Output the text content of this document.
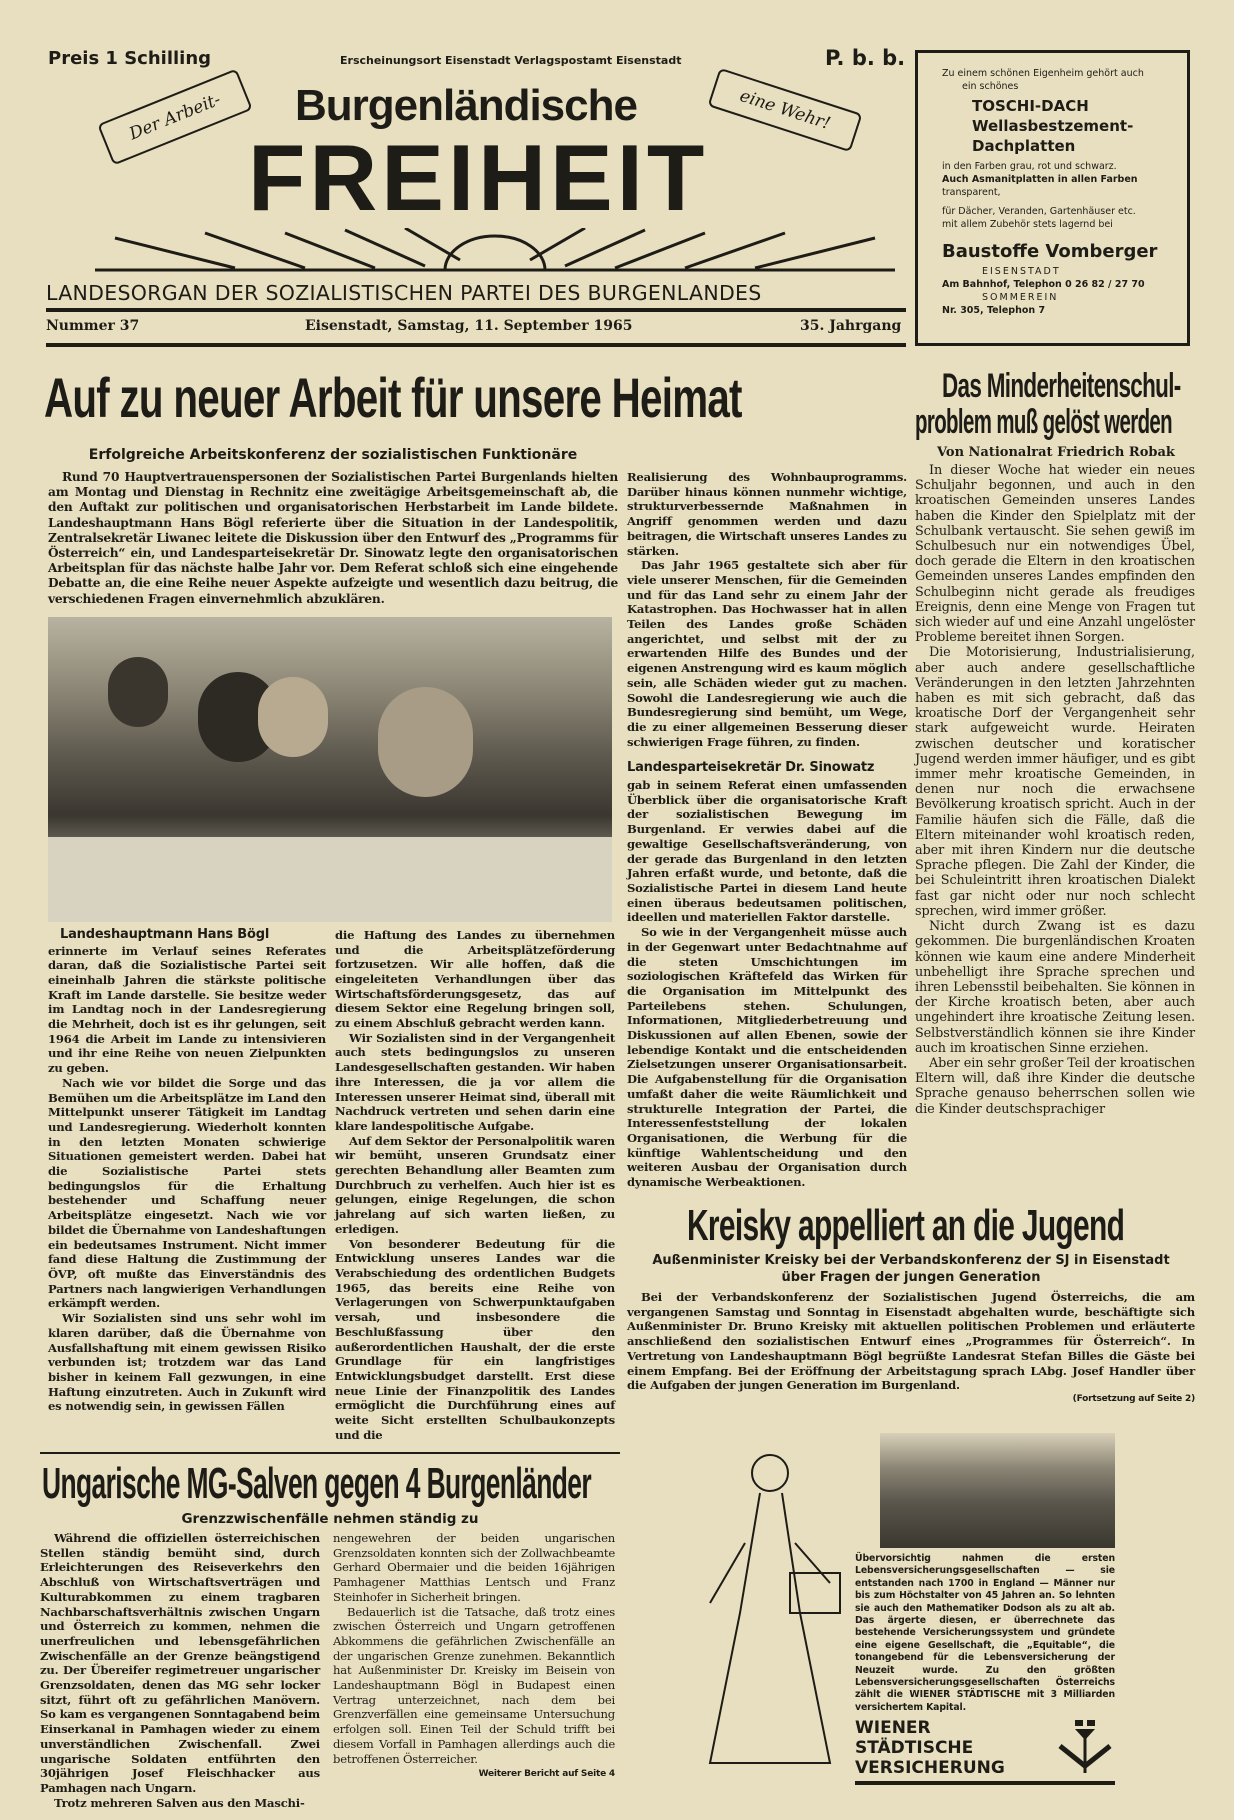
Preis 1 Schilling	Erscheinungsort Eisenstadt Verlagspostamt Eisenstadt	P. b. b.
Der Arbeit-	eine Wehr!
Burgenländische
FREIHEIT
LANDESORGAN DER SOZIALISTISCHEN PARTEI DES BURGENLANDES
Nummer 37	Eisenstadt, Samstag, 11. September 1965	35. Jahrgang
Zu einem schönen Eigenheim gehört auch
ein schönes
TOSCHI-DACH
Wellasbestzement-
Dachplatten
in den Farben grau, rot und schwarz.
Auch Asmanitplatten in allen Farben
transparent,
für Dächer, Veranden, Gartenhäuser etc.
mit allem Zubehör stets lagernd bei
Baustoffe Vomberger
EISENSTADT
Am Bahnhof, Telephon 0 26 82 / 27 70
SOMMEREIN
Nr. 305, Telephon 7
Auf zu neuer Arbeit für unsere Heimat
Erfolgreiche Arbeitskonferenz der sozialistischen Funktionäre

Rund 70 Hauptvertrauenspersonen der Sozialistischen Partei Burgenlands hielten am Montag und Dienstag in Rechnitz eine zweitägige Arbeitsgemeinschaft ab, die den Auftakt zur politischen und organisatorischen Herbstarbeit im Lande bildete. Landeshauptmann Hans Bögl referierte über die Situation in der Landespolitik, Zentralsekretär Liwanec leitete die Diskussion über den Entwurf des „Programms für Österreich“ ein, und Landesparteisekretär Dr. Sinowatz legte den organisatorischen Arbeitsplan für das nächste halbe Jahr vor. Dem Referat schloß sich eine eingehende Debatte an, die eine Reihe neuer Aspekte aufzeigte und wesentlich dazu beitrug, die verschiedenen Fragen einvernehmlich abzuklären.

Landeshauptmann Hans Bögl

erinnerte im Verlauf seines Referates daran, daß die Sozialistische Partei seit eineinhalb Jahren die stärkste politische Kraft im Lande darstelle. Sie besitze weder im Landtag noch in der Landesregierung die Mehrheit, doch ist es ihr gelungen, seit 1964 die Arbeit im Lande zu intensivieren und ihr eine Reihe von neuen Zielpunkten zu geben.

Nach wie vor bildet die Sorge und das Bemühen um die Arbeitsplätze im Land den Mittelpunkt unserer Tätigkeit im Landtag und Landesregierung. Wiederholt konnten in den letzten Monaten schwierige Situationen gemeistert werden. Dabei hat die Sozialistische Partei stets bedingungslos für die Erhaltung bestehender und Schaffung neuer Arbeitsplätze eingesetzt. Nach wie vor bildet die Übernahme von Landeshaftungen ein bedeutsames Instrument. Nicht immer fand diese Haltung die Zustimmung der ÖVP, oft mußte das Einverständnis des Partners nach langwierigen Verhandlungen erkämpft werden.

Wir Sozialisten sind uns sehr wohl im klaren darüber, daß die Übernahme von Ausfallshaftung mit einem gewissen Risiko verbunden ist; trotzdem war das Land bisher in keinem Fall gezwungen, in eine Haftung einzutreten. Auch in Zukunft wird es notwendig sein, in gewissen Fällen

die Haftung des Landes zu übernehmen und die Arbeitsplätzeförderung fortzusetzen. Wir alle hoffen, daß die eingeleiteten Verhandlungen über das Wirtschaftsförderungsgesetz, das auf diesem Sektor eine Regelung bringen soll, zu einem Abschluß gebracht werden kann.

Wir Sozialisten sind in der Vergangenheit auch stets bedingungslos zu unseren Landesgesellschaften gestanden. Wir haben ihre Interessen, die ja vor allem die Interessen unserer Heimat sind, überall mit Nachdruck vertreten und sehen darin eine klare landespolitische Aufgabe.

Auf dem Sektor der Personalpolitik waren wir bemüht, unseren Grundsatz einer gerechten Behandlung aller Beamten zum Durchbruch zu verhelfen. Auch hier ist es gelungen, einige Regelungen, die schon jahrelang auf sich warten ließen, zu erledigen.

Von besonderer Bedeutung für die Entwicklung unseres Landes war die Verabschiedung des ordentlichen Budgets 1965, das bereits eine Reihe von Verlagerungen von Schwerpunktaufgaben versah, und insbesondere die Beschlußfassung über den außerordentlichen Haushalt, der die erste Grundlage für ein langfristiges Entwicklungsbudget darstellt. Erst diese neue Linie der Finanzpolitik des Landes ermöglicht die Durchführung eines auf weite Sicht erstellten Schulbaukonzepts und die

Realisierung des Wohnbauprogramms. Darüber hinaus können nunmehr wichtige, strukturverbessernde Maßnahmen in Angriff genommen werden und dazu beitragen, die Wirtschaft unseres Landes zu stärken.

Das Jahr 1965 gestaltete sich aber für viele unserer Menschen, für die Gemeinden und für das Land sehr zu einem Jahr der Katastrophen. Das Hochwasser hat in allen Teilen des Landes große Schäden angerichtet, und selbst mit der zu erwartenden Hilfe des Bundes und der eigenen Anstrengung wird es kaum möglich sein, alle Schäden wieder gut zu machen. Sowohl die Landesregierung wie auch die Bundesregierung sind bemüht, um Wege, die zu einer allgemeinen Besserung dieser schwierigen Frage führen, zu finden.

Landesparteisekretär Dr. Sinowatz

gab in seinem Referat einen umfassenden Überblick über die organisatorische Kraft der sozialistischen Bewegung im Burgenland. Er verwies dabei auf die gewaltige Gesellschaftsveränderung, von der gerade das Burgenland in den letzten Jahren erfaßt wurde, und betonte, daß die Sozialistische Partei in diesem Land heute einen überaus bedeutsamen politischen, ideellen und materiellen Faktor darstelle.

So wie in der Vergangenheit müsse auch in der Gegenwart unter Bedachtnahme auf die steten Umschichtungen im soziologischen Kräftefeld das Wirken für die Organisation im Mittelpunkt des Parteilebens stehen. Schulungen, Informationen, Mitgliederbetreuung und Diskussionen auf allen Ebenen, sowie der lebendige Kontakt und die entscheidenden Zielsetzungen unserer Organisationsarbeit. Die Aufgabenstellung für die Organisation umfaßt daher die weite Räumlichkeit und strukturelle Integration der Partei, die Interessenfeststellung der lokalen Organisationen, die Werbung für die künftige Wahlentscheidung und den weiteren Ausbau der Organisation durch dynamische Werbeaktionen.

Das Minderheitenschul-
problem muß gelöst werden
Von Nationalrat Friedrich Robak

In dieser Woche hat wieder ein neues Schuljahr begonnen, und auch in den kroatischen Gemeinden unseres Landes haben die Kinder den Spielplatz mit der Schulbank vertauscht. Sie sehen gewiß im Schulbesuch nur ein notwendiges Übel, doch gerade die Eltern in den kroatischen Gemeinden unseres Landes empfinden den Schulbeginn nicht gerade als freudiges Ereignis, denn eine Menge von Fragen tut sich wieder auf und eine Anzahl ungelöster Probleme bereitet ihnen Sorgen.

Die Motorisierung, Industrialisierung, aber auch andere gesellschaftliche Veränderungen in den letzten Jahrzehnten haben es mit sich gebracht, daß das kroatische Dorf der Vergangenheit sehr stark aufgeweicht wurde. Heiraten zwischen deutscher und koratischer Jugend werden immer häufiger, und es gibt immer mehr kroatische Gemeinden, in denen nur noch die erwachsene Bevölkerung kroatisch spricht. Auch in der Familie häufen sich die Fälle, daß die Eltern miteinander wohl kroatisch reden, aber mit ihren Kindern nur die deutsche Sprache pflegen. Die Zahl der Kinder, die bei Schuleintritt ihren kroatischen Dialekt fast gar nicht oder nur noch schlecht sprechen, wird immer größer.

Nicht durch Zwang ist es dazu gekommen. Die burgenländischen Kroaten können wie kaum eine andere Minderheit unbehelligt ihre Sprache sprechen und ihren Lebensstil beibehalten. Sie können in der Kirche kroatisch beten, aber auch ungehindert ihre kroatische Zeitung lesen. Selbstverständlich können sie ihre Kinder auch im kroatischen Sinne erziehen.

Aber ein sehr großer Teil der kroatischen Eltern will, daß ihre Kinder die deutsche Sprache genauso beherrschen sollen wie die Kinder deutschsprachiger

Kreisky appelliert an die Jugend
Außenminister Kreisky bei der Verbandskonferenz der SJ in Eisenstadt
über Fragen der jungen Generation

Bei der Verbandskonferenz der Sozialistischen Jugend Österreichs, die am vergangenen Samstag und Sonntag in Eisenstadt abgehalten wurde, beschäftigte sich Außenminister Dr. Bruno Kreisky mit aktuellen politischen Problemen und erläuterte anschließend den sozialistischen Entwurf eines „Programmes für Österreich“. In Vertretung von Landeshauptmann Bögl begrüßte Landesrat Stefan Billes die Gäste bei einem Empfang. Bei der Eröffnung der Arbeitstagung sprach LAbg. Josef Handler über die Aufgaben der jungen Generation im Burgenland.

(Fortsetzung auf Seite 2)
Ungarische MG-Salven gegen 4 Burgenländer
Grenzzwischenfälle nehmen ständig zu

Während die offiziellen österreichischen Stellen ständig bemüht sind, durch Erleichterungen des Reiseverkehrs den Abschluß von Wirtschaftsverträgen und Kulturabkommen zu einem tragbaren Nachbarschaftsverhältnis zwischen Ungarn und Österreich zu kommen, nehmen die unerfreulichen und lebensgefährlichen Zwischenfälle an der Grenze beängstigend zu. Der Übereifer regimetreuer ungarischer Grenzsoldaten, denen das MG sehr locker sitzt, führt oft zu gefährlichen Manövern. So kam es vergangenen Sonntagabend beim Einserkanal in Pamhagen wieder zu einem unverständlichen Zwischenfall. Zwei ungarische Soldaten entführten den 30jährigen Josef Fleischhacker aus Pamhagen nach Ungarn.

Trotz mehreren Salven aus den Maschi-

nengewehren der beiden ungarischen Grenzsoldaten konnten sich der Zollwachbeamte Gerhard Obermaier und die beiden 16jährigen Pamhagener Matthias Lentsch und Franz Steinhofer in Sicherheit bringen.

Bedauerlich ist die Tatsache, daß trotz eines zwischen Österreich und Ungarn getroffenen Abkommens die gefährlichen Zwischenfälle an der ungarischen Grenze zunehmen. Bekanntlich hat Außenminister Dr. Kreisky im Beisein von Landeshauptmann Bögl in Budapest einen Vertrag unterzeichnet, nach dem bei Grenzverfällen eine gemeinsame Untersuchung erfolgen soll. Einen Teil der Schuld trifft bei diesem Vorfall in Pamhagen allerdings auch die betroffenen Österreicher.

Weiterer Bericht auf Seite 4
Übervorsichtig nahmen die ersten Lebensversicherungsgesellschaften — sie entstanden nach 1700 in England — Männer nur bis zum Höchstalter von 45 Jahren an. So lehnten sie auch den Mathematiker Dodson als zu alt ab. Das ärgerte diesen, er überrechnete das bestehende Versicherungssystem und gründete eine eigene Gesellschaft, die „Equitable“, die tonangebend für die Lebensversicherung der Neuzeit wurde. Zu den größten Lebensversicherungsgesellschaften Österreichs zählt die WIENER STÄDTISCHE mit 3 Milliarden versichertem Kapital.
WIENER
STÄDTISCHE
VERSICHERUNG
